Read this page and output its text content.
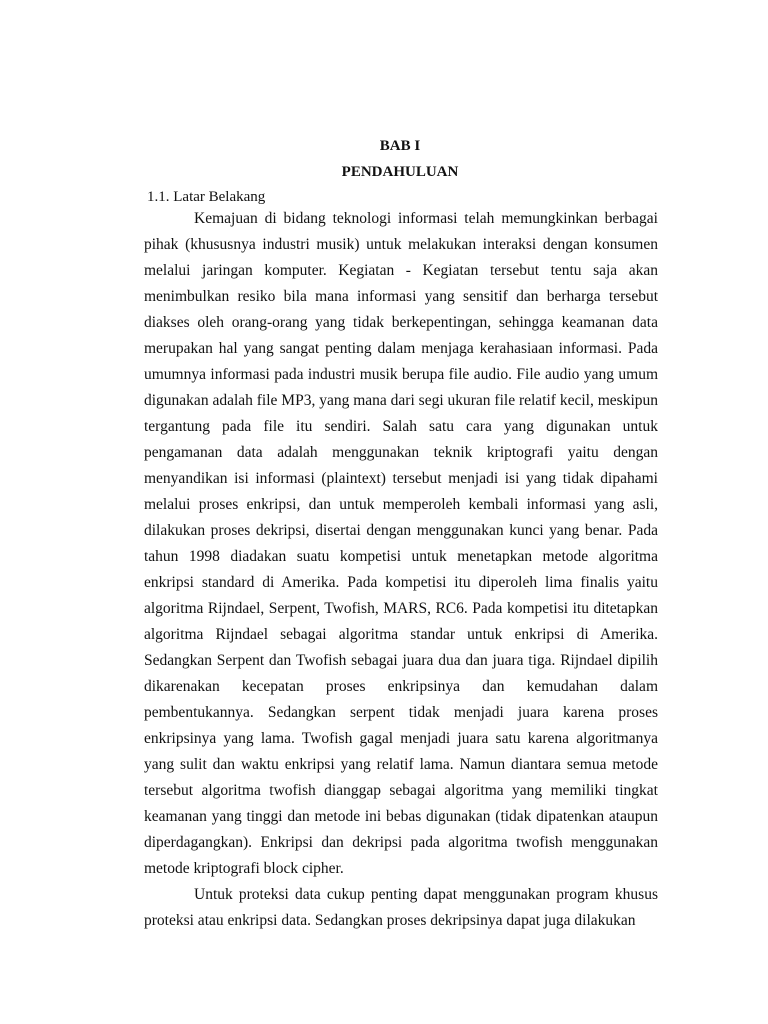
BAB I
PENDAHULUAN
1.1. Latar Belakang

Kemajuan di bidang teknologi informasi telah memungkinkan berbagai pihak (khususnya industri musik) untuk melakukan interaksi dengan konsumen melalui jaringan komputer. Kegiatan - Kegiatan tersebut tentu saja akan menimbulkan resiko bila mana informasi yang sensitif dan berharga tersebut diakses oleh orang-orang yang tidak berkepentingan, sehingga keamanan data merupakan hal yang sangat penting dalam menjaga kerahasiaan informasi. Pada umumnya informasi pada industri musik berupa file audio. File audio yang umum digunakan adalah file MP3, yang mana dari segi ukuran file relatif kecil, meskipun tergantung pada file itu sendiri. Salah satu cara yang digunakan untuk pengamanan data adalah menggunakan teknik kriptografi yaitu dengan menyandikan isi informasi (plaintext) tersebut menjadi isi yang tidak dipahami melalui proses enkripsi, dan untuk memperoleh kembali informasi yang asli, dilakukan proses dekripsi, disertai dengan menggunakan kunci yang benar. Pada tahun 1998 diadakan suatu kompetisi untuk menetapkan metode algoritma enkripsi standard di Amerika. Pada kompetisi itu diperoleh lima finalis yaitu algoritma Rijndael, Serpent, Twofish, MARS, RC6. Pada kompetisi itu ditetapkan algoritma Rijndael sebagai algoritma standar untuk enkripsi di Amerika. Sedangkan Serpent dan Twofish sebagai juara dua dan juara tiga. Rijndael dipilih dikarenakan kecepatan proses enkripsinya dan kemudahan dalam pembentukannya. Sedangkan serpent tidak menjadi juara karena proses enkripsinya yang lama. Twofish gagal menjadi juara satu karena algoritmanya yang sulit dan waktu enkripsi yang relatif lama. Namun diantara semua metode tersebut algoritma twofish dianggap sebagai algoritma yang memiliki tingkat keamanan yang tinggi dan metode ini bebas digunakan (tidak dipatenkan ataupun diperdagangkan). Enkripsi dan dekripsi pada algoritma twofish menggunakan metode kriptografi block cipher.

Untuk proteksi data cukup penting dapat menggunakan program khusus proteksi atau enkripsi data. Sedangkan proses dekripsinya dapat juga dilakukan
